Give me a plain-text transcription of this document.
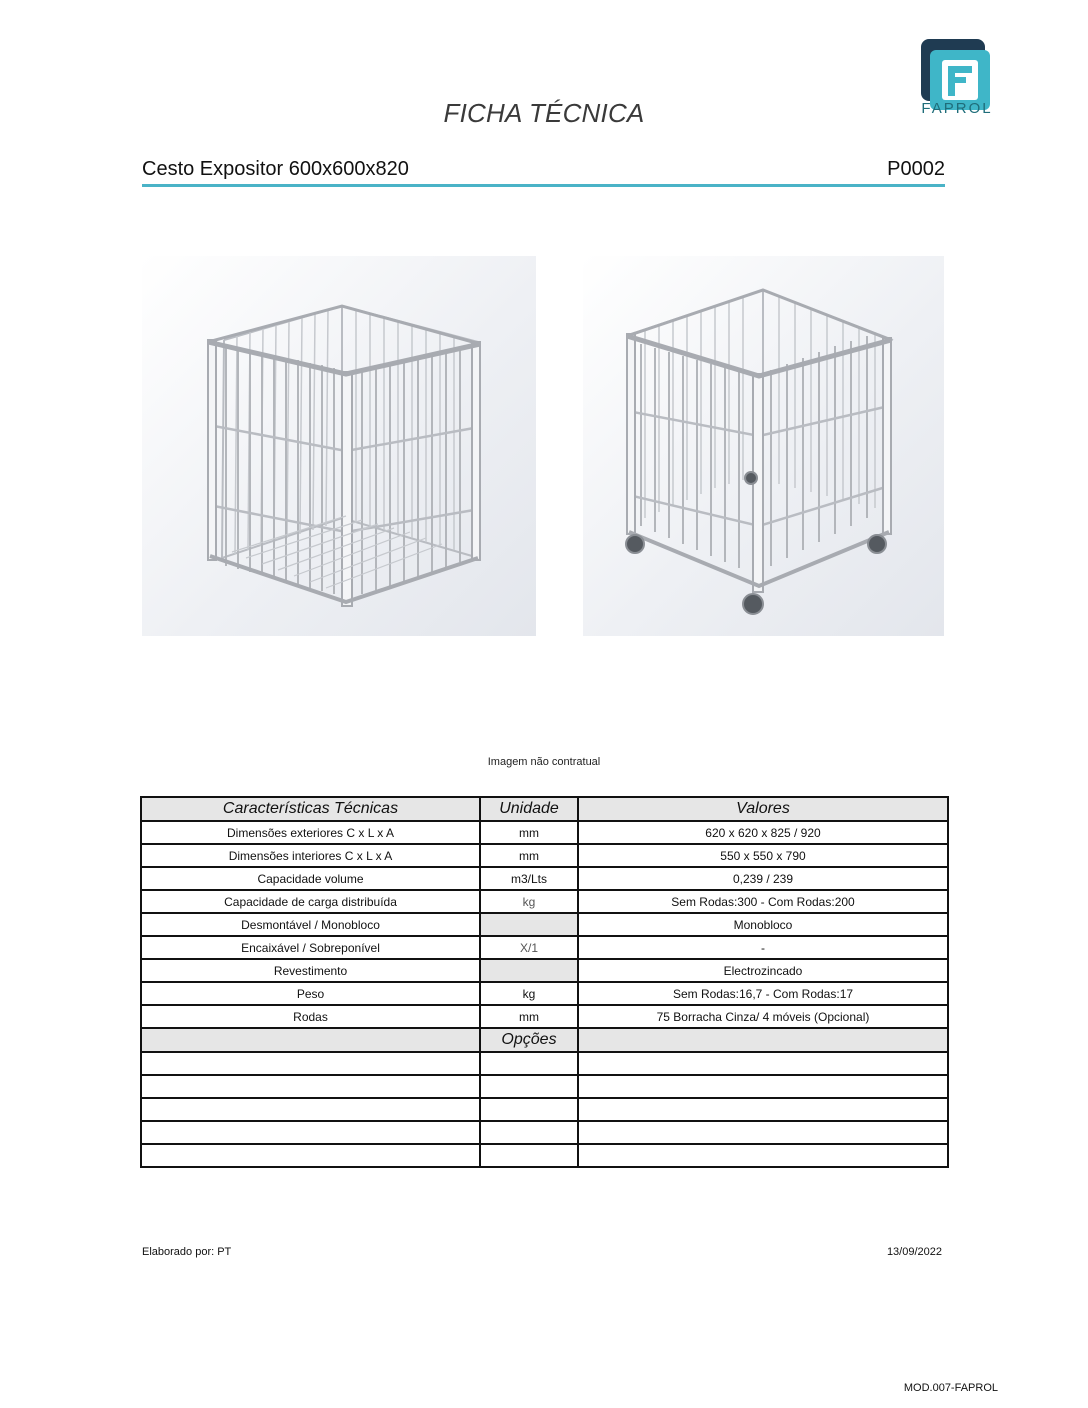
FAPROL
FICHA TÉCNICA
Cesto Expositor 600x600x820	P0002
Imagem não contratual
Características Técnicas	Unidade	Valores
Dimensões exteriores C x L x A	mm	620 x 620 x 825 / 920
Dimensões interiores C x L x A	mm	550 x 550 x 790
Capacidade volume	m3/Lts	0,239 / 239
Capacidade de carga distribuída	kg	Sem Rodas:300 - Com Rodas:200
Desmontável / Monobloco		Monobloco
Encaixável / Sobreponível	X/1	-
Revestimento		Electrozincado
Peso	kg	Sem Rodas:16,7 - Com Rodas:17
Rodas	mm	75 Borracha Cinza/ 4 móveis (Opcional)
	Opções	

Elaborado por: PT	13/09/2022
MOD.007-FAPROL
